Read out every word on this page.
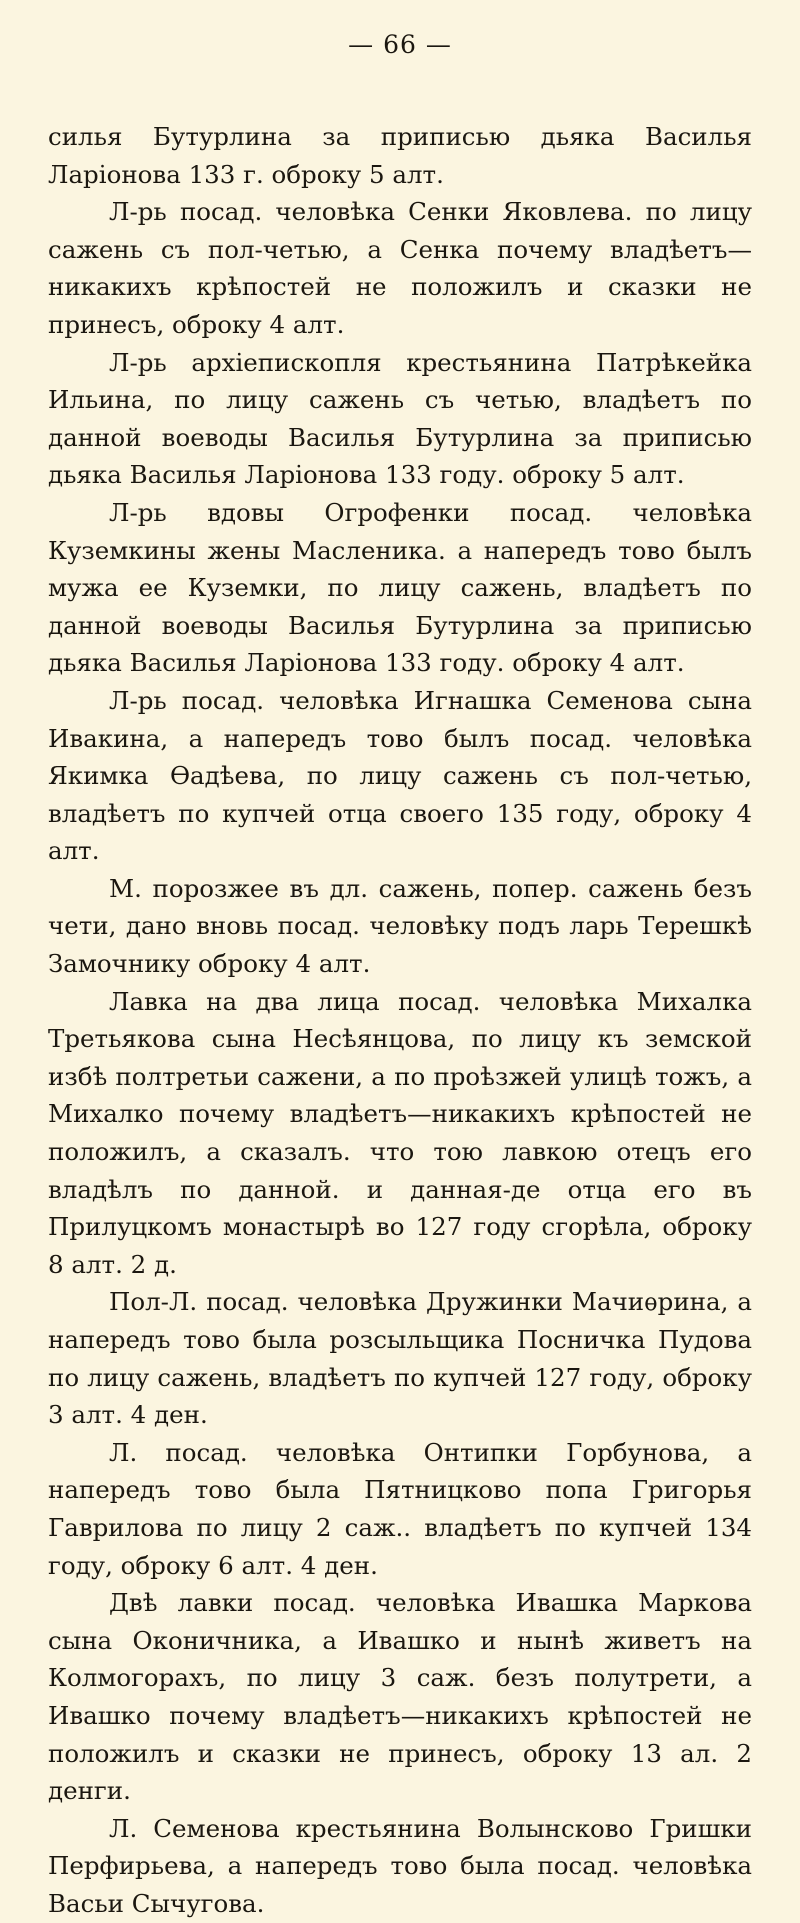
— 66 —

силья Бутурлина за приписью дьяка Василья Ларіонова 133 г. оброку 5 алт.

Л-рь посад. человѣка Сенки Яковлева. по лицу сажень съ пол-четью, а Сенка почему владѣетъ—никакихъ крѣпостей не положилъ и сказки не принесъ, оброку 4 алт.

Л-рь архіепископля крестьянина Патрѣкейка Ильина, по лицу сажень съ четью, владѣетъ по данной воеводы Василья Бутурлина за приписью дьяка Василья Ларіонова 133 году. оброку 5 алт.

Л-рь вдовы Огрофенки посад. человѣка Куземкины жены Масленика. а напередъ тово былъ мужа ее Куземки, по лицу сажень, владѣетъ по данной воеводы Василья Бутурлина за приписью дьяка Василья Ларіонова 133 году. оброку 4 алт.

Л-рь посад. человѣка Игнашка Семенова сына Ивакина, а напередъ тово былъ посад. человѣка Якимка Ѳадѣева, по лицу сажень съ пол-четью, владѣетъ по купчей отца своего 135 году, оброку 4 алт.

М. порозжее въ дл. сажень, попер. сажень безъ чети, дано вновь посад. человѣку подъ ларь Терешкѣ Замочнику оброку 4 алт.

Лавка на два лица посад. человѣка Михалка Третьякова сына Несѣянцова, по лицу къ земской избѣ полтретьи сажени, а по проѣзжей улицѣ тожъ, а Михалко почему владѣетъ—никакихъ крѣпостей не положилъ, а сказалъ. что тою лавкою отецъ его владѣлъ по данной. и данная-де отца его въ Прилуцкомъ монастырѣ во 127 году сгорѣла, оброку 8 алт. 2 д.

Пол-Л. посад. человѣка Дружинки Мачиѳрина, а напередъ тово была розсыльщика Посничка Пудова по лицу сажень, владѣетъ по купчей 127 году, оброку 3 алт. 4 ден.

Л. посад. человѣка Онтипки Горбунова, а напередъ тово была Пятницково попа Григорья Гаврилова по лицу 2 саж.. владѣетъ по купчей 134 году, оброку 6 алт. 4 ден.

Двѣ лавки посад. человѣка Ивашка Маркова сына Оконичника, а Ивашко и нынѣ живетъ на Колмогорахъ, по лицу 3 саж. безъ полутрети, а Ивашко почему владѣетъ—никакихъ крѣпостей не положилъ и сказки не принесъ, оброку 13 ал. 2 денги.

Л. Семенова крестьянина Волынсково Гришки Перфирьева, а напередъ тово была посад. человѣка Васьи Сычугова.
